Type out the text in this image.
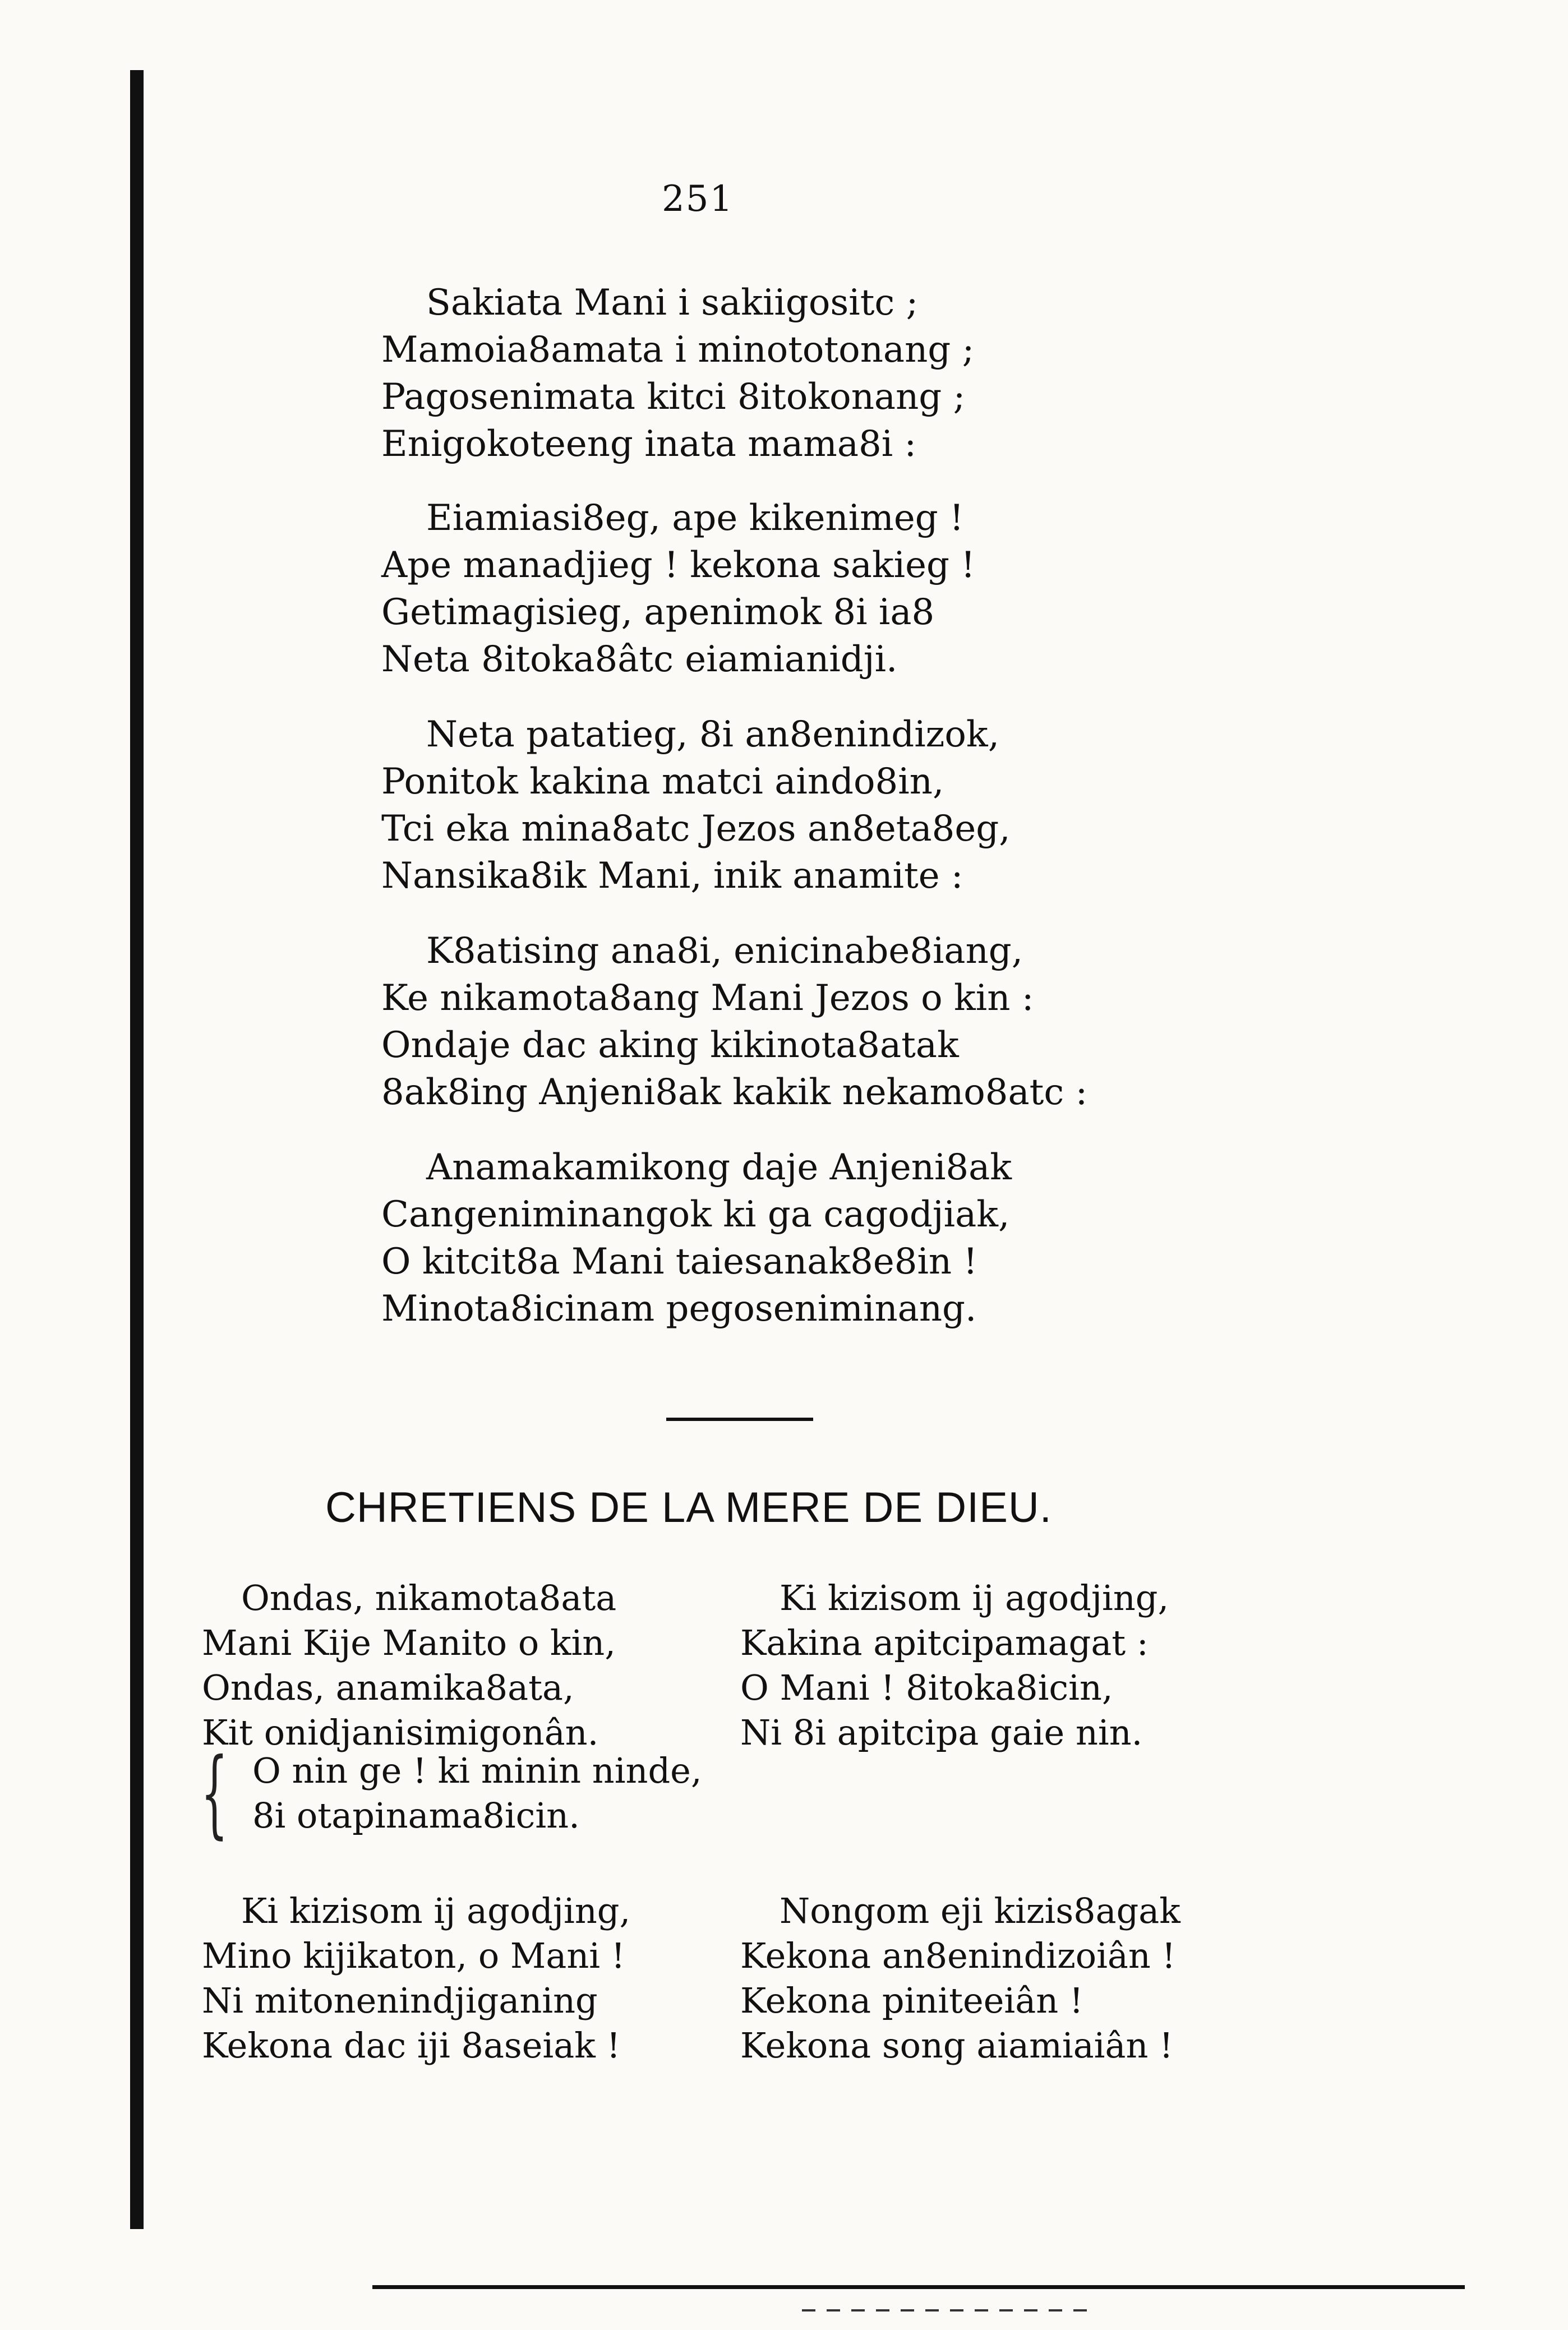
251
Sakiata Mani i sakiigositc ;
Mamoia8amata i minototonang ;
Pagosenimata kitci 8itokonang ;
Enigokoteeng inata mama8i :
Eiamiasi8eg, ape kikenimeg !
Ape manadjieg ! kekona sakieg !
Getimagisieg, apenimok 8i ia8
Neta 8itoka8âtc eiamianidji.
Neta patatieg, 8i an8enindizok,
Ponitok kakina matci aindo8in,
Tci eka mina8atc Jezos an8eta8eg,
Nansika8ik Mani, inik anamite :
K8atising ana8i, enicinabe8iang,
Ke nikamota8ang Mani Jezos o kin :
Ondaje dac aking kikinota8atak
8ak8ing Anjeni8ak kakik nekamo8atc :
Anamakamikong daje Anjeni8ak
Cangeniminangok ki ga cagodjiak,
O kitcit8a Mani taiesanak8e8in !
Minota8icinam pegoseniminang.
CHRETIENS DE LA MERE DE DIEU.
Ondas, nikamota8ata
Mani Kije Manito o kin,
Ondas, anamika8ata,
Kit onidjanisimigonân.
Ki kizisom ij agodjing,
Kakina apitcipamagat :
O Mani ! 8itoka8icin,
Ni 8i apitcipa gaie nin.
{ O nin ge ! ki minin ninde,
8i otapinama8icin.
Ki kizisom ij agodjing,
Mino kijikaton, o Mani !
Ni mitonenindjiganing
Kekona dac iji 8aseiak !
Nongom eji kizis8agak
Kekona an8enindizoiân !
Kekona piniteeiân !
Kekona song aiamiaiân !
